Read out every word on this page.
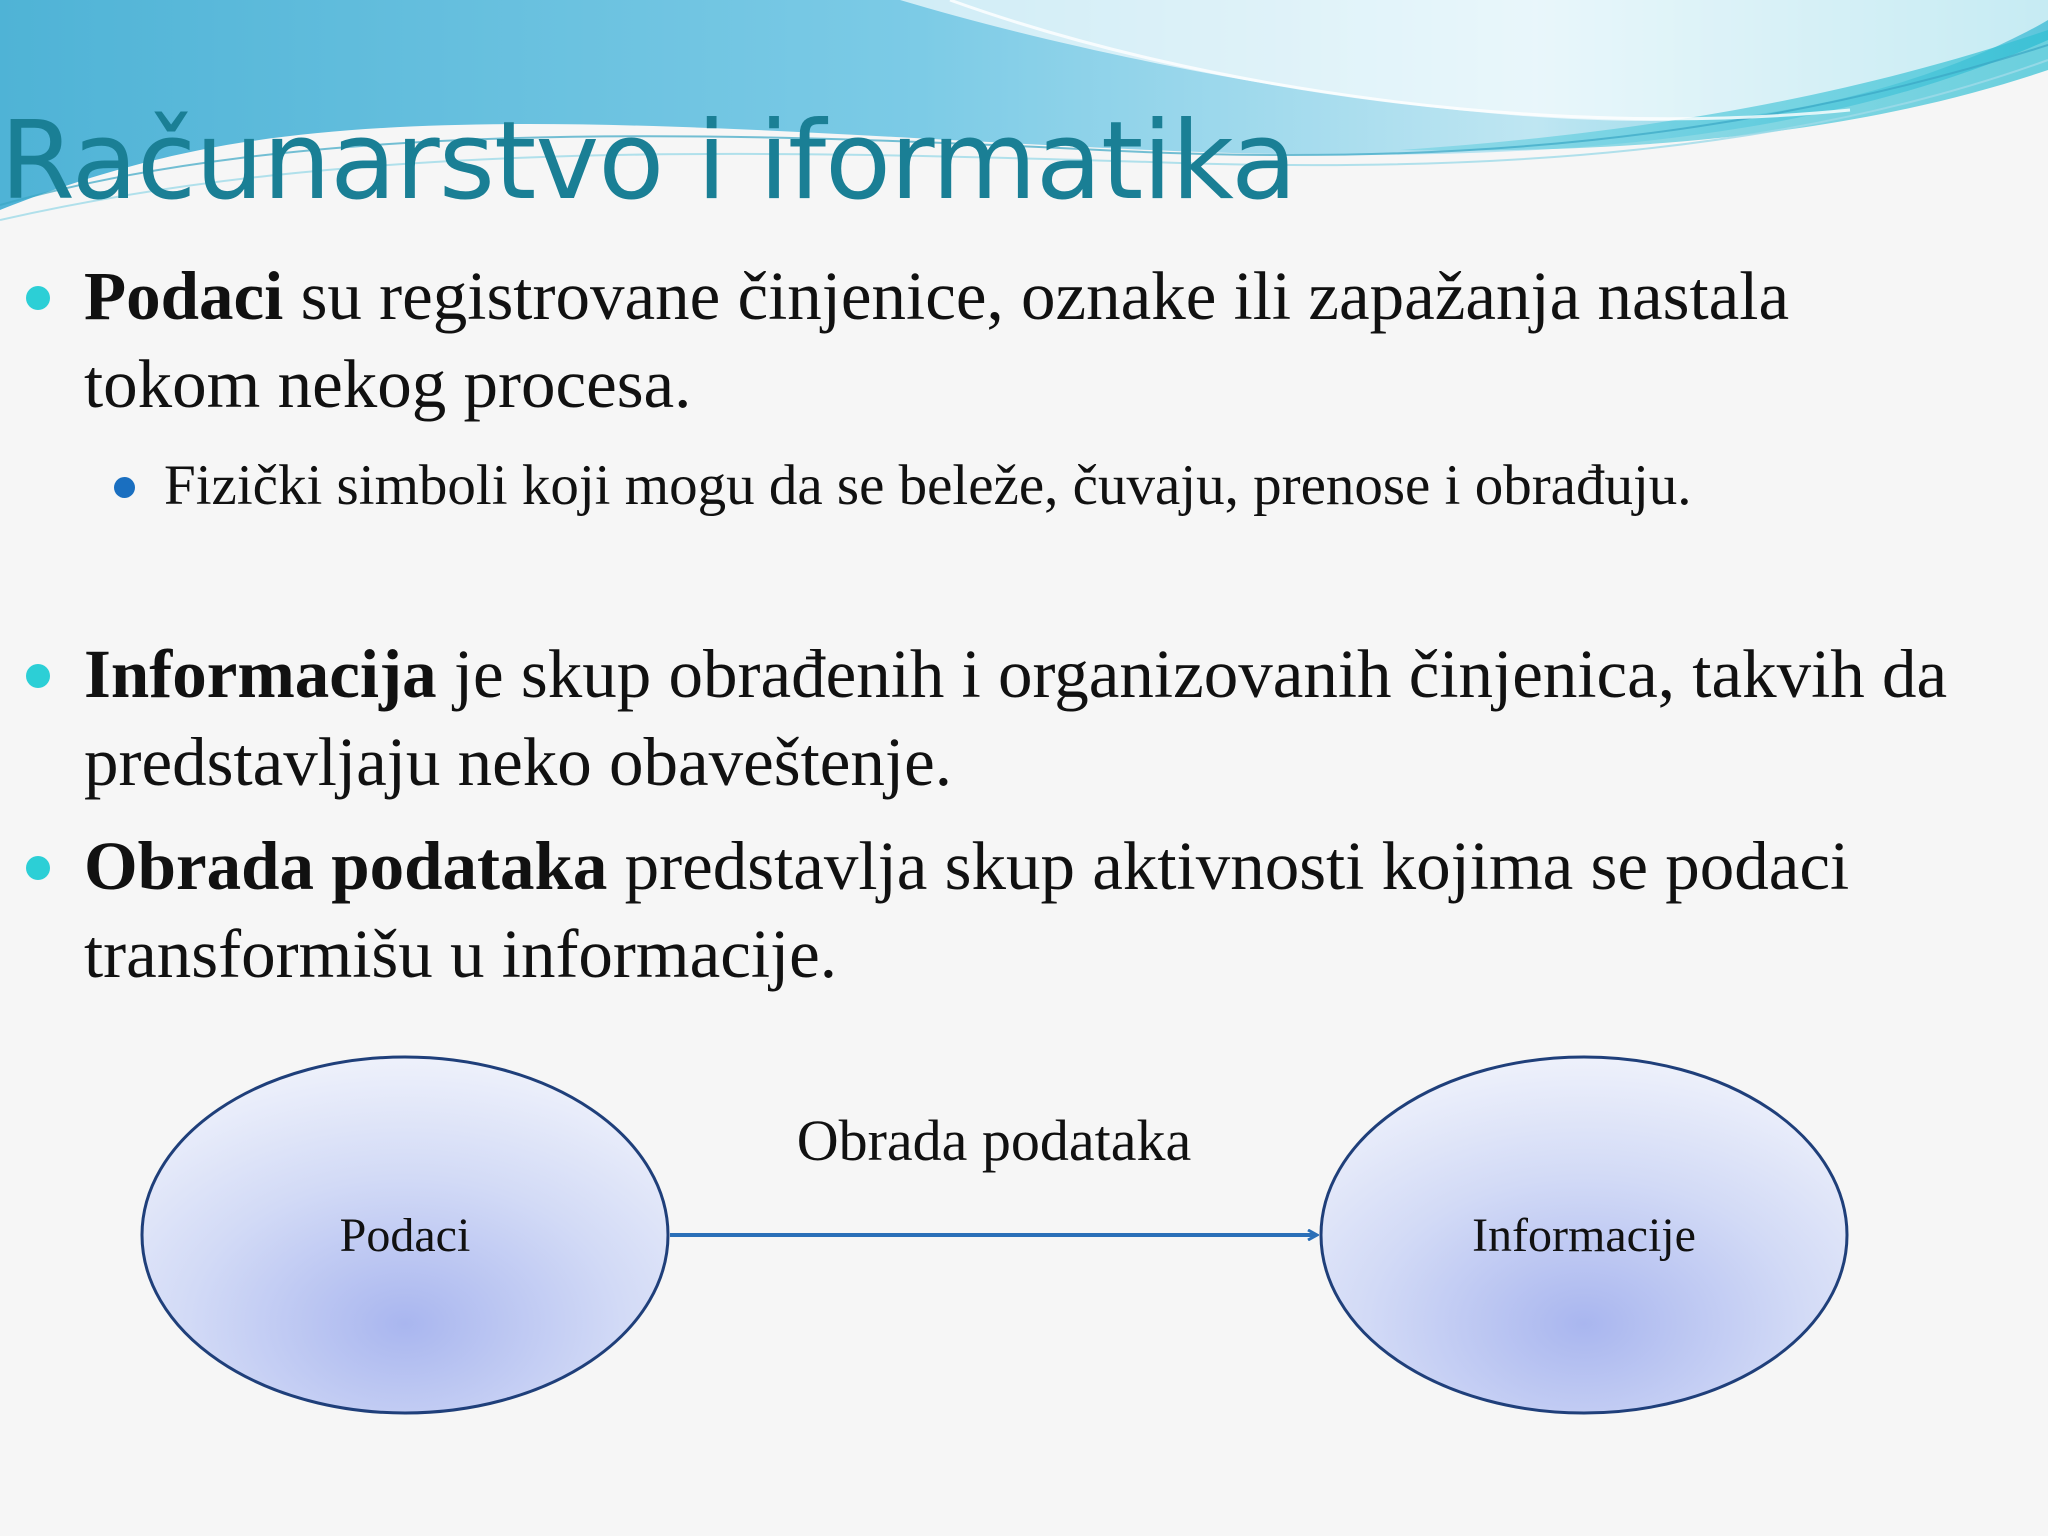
Računarstvo i iformatika
Podaci su registrovane činjenice, oznake ili zapažanja nastala tokom nekog procesa.
Fizički simboli koji mogu da se beleže, čuvaju, prenose i obrađuju.
Informacija je skup obrađenih i organizovanih činjenica, takvih da predstavljaju neko obaveštenje.
Obrada podataka predstavlja skup aktivnosti kojima se podaci transformišu u informacije.
Podaci	Informacije
Obrada podataka
